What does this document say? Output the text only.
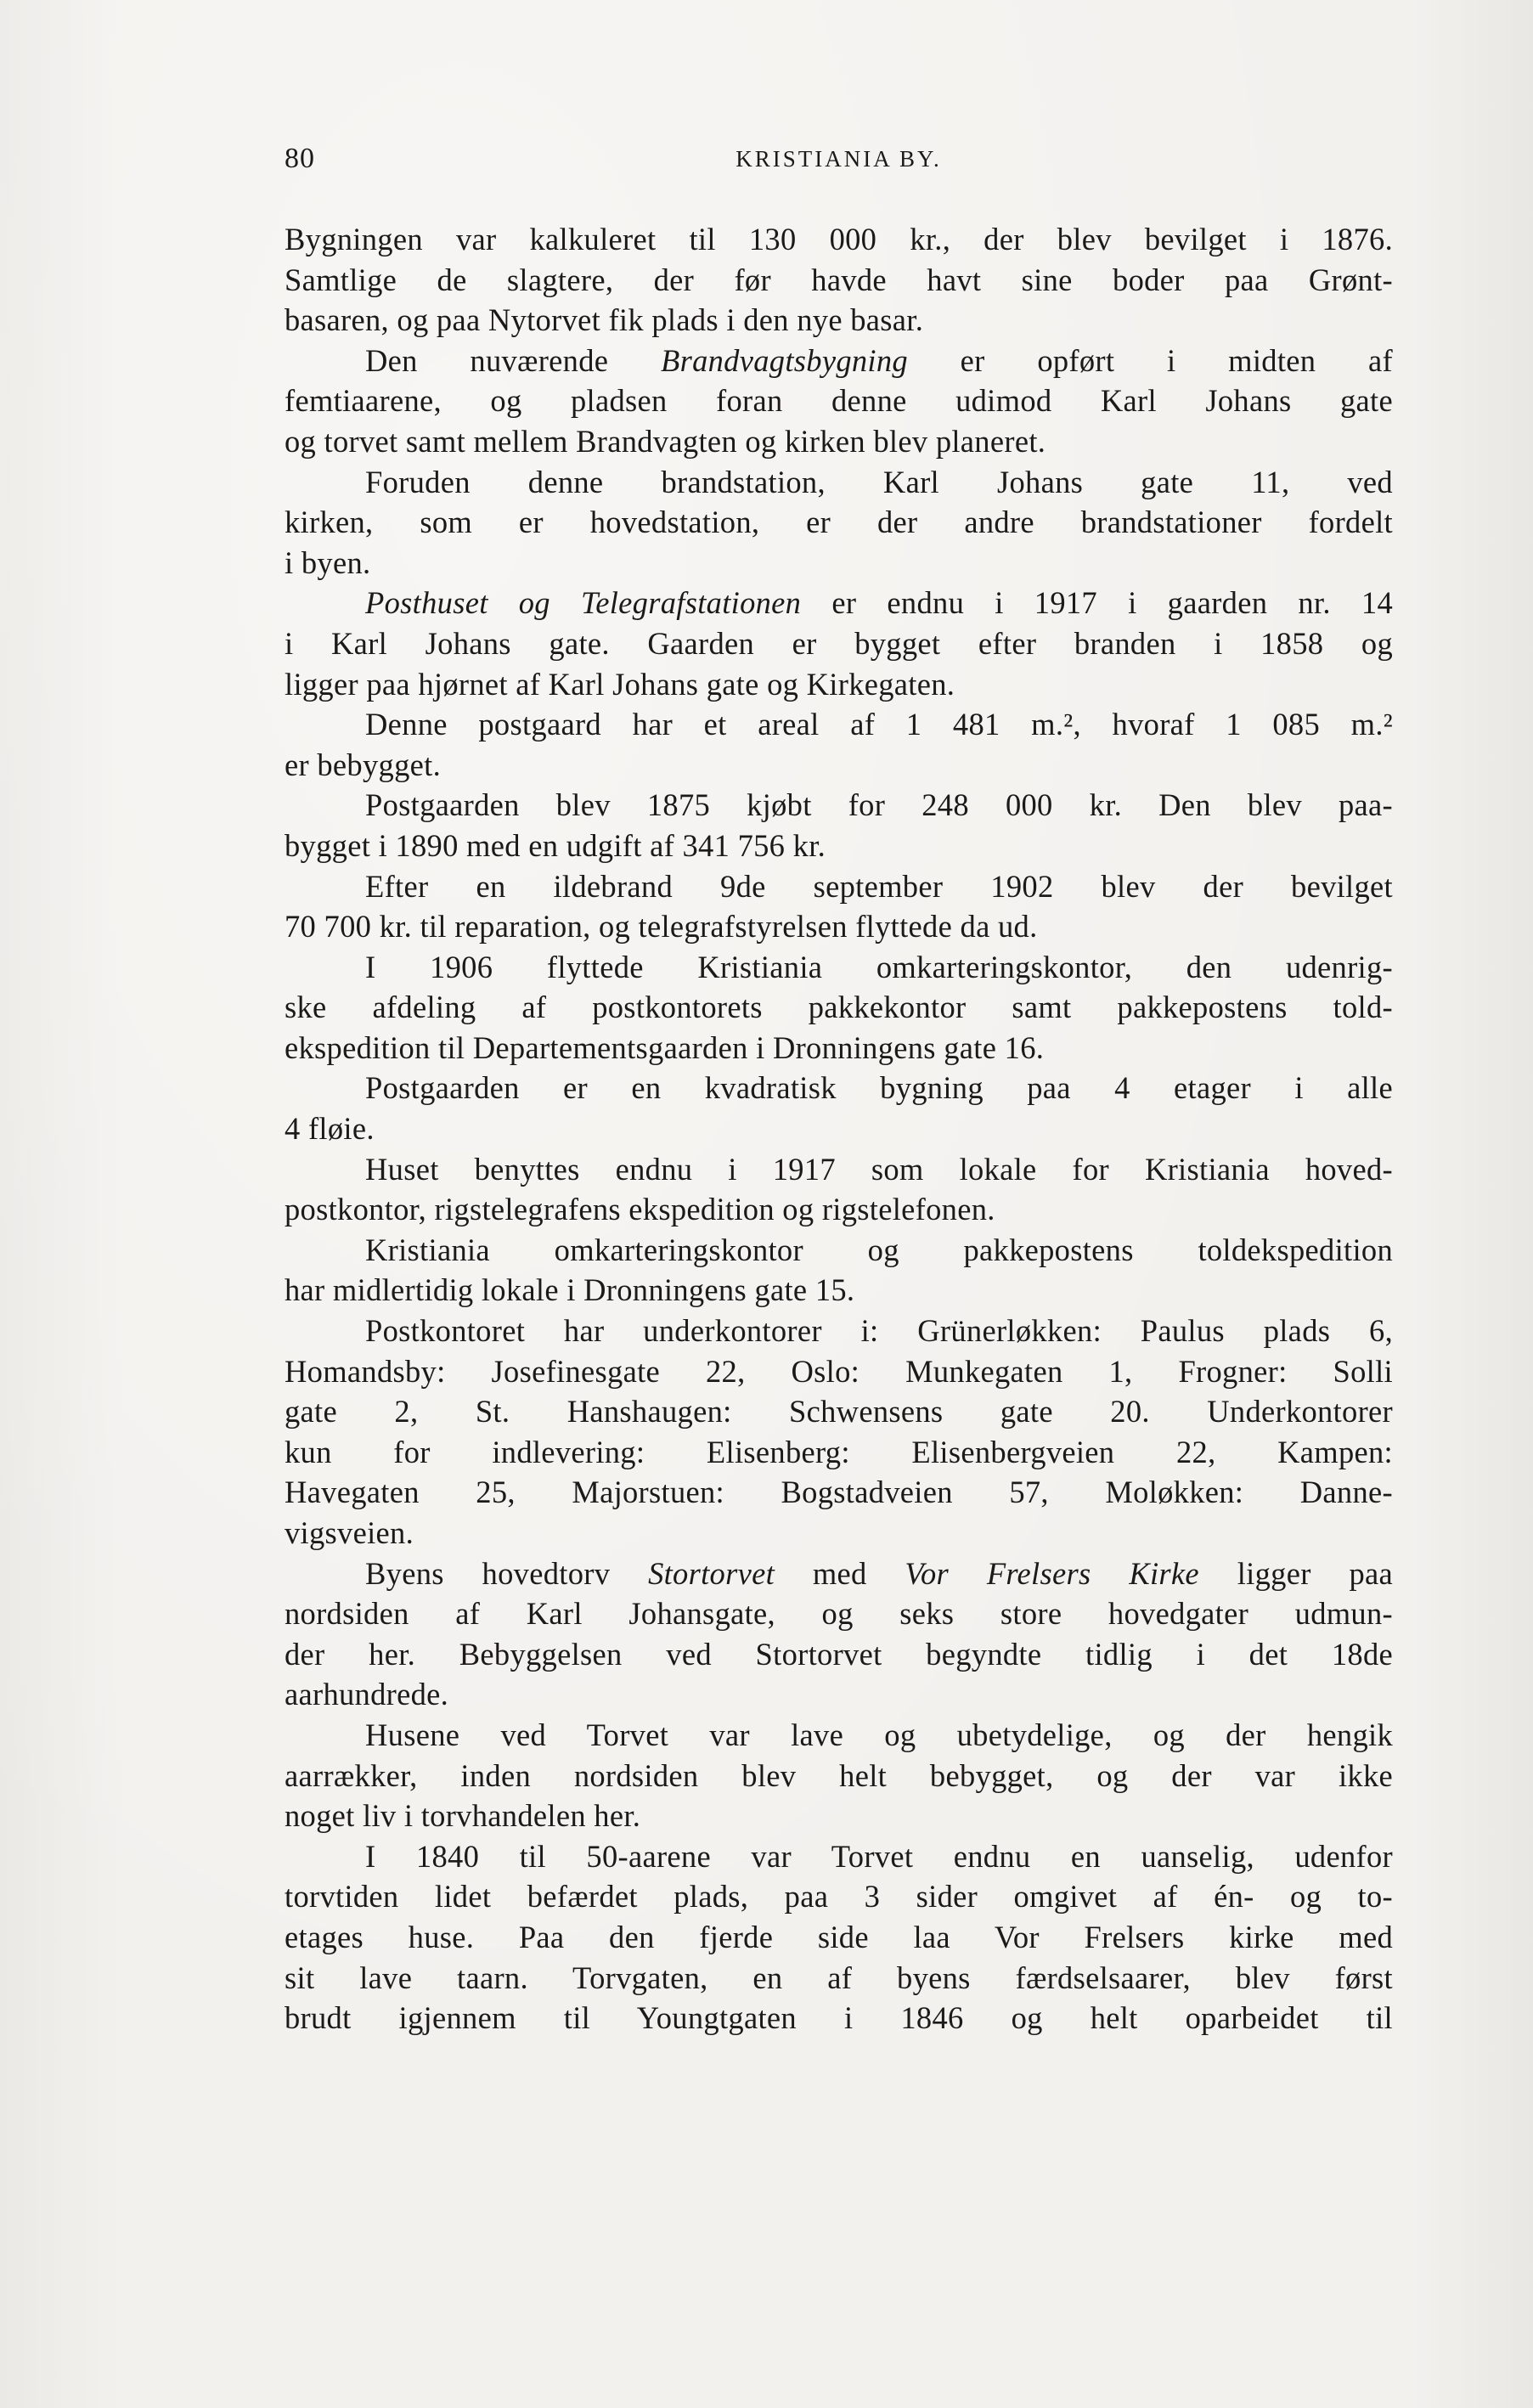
80	KRISTIANIA BY.
Bygningen var kalkuleret til 130 000 kr., der blev bevilget i 1876.
Samtlige de slagtere, der før havde havt sine boder paa Grønt-
basaren, og paa Nytorvet fik plads i den nye basar.
Den nuværende Brandvagtsbygning er opført i midten af
femtiaarene, og pladsen foran denne udimod Karl Johans gate
og torvet samt mellem Brandvagten og kirken blev planeret.
Foruden denne brandstation, Karl Johans gate 11, ved
kirken, som er hovedstation, er der andre brandstationer fordelt
i byen.
Posthuset og Telegrafstationen er endnu i 1917 i gaarden nr. 14
i Karl Johans gate. Gaarden er bygget efter branden i 1858 og
ligger paa hjørnet af Karl Johans gate og Kirkegaten.
Denne postgaard har et areal af 1 481 m.², hvoraf 1 085 m.²
er bebygget.
Postgaarden blev 1875 kjøbt for 248 000 kr. Den blev paa-
bygget i 1890 med en udgift af 341 756 kr.
Efter en ildebrand 9de september 1902 blev der bevilget
70 700 kr. til reparation, og telegrafstyrelsen flyttede da ud.
I 1906 flyttede Kristiania omkarteringskontor, den udenrig-
ske afdeling af postkontorets pakkekontor samt pakkepostens told-
ekspedition til Departementsgaarden i Dronningens gate 16.
Postgaarden er en kvadratisk bygning paa 4 etager i alle
4 fløie.
Huset benyttes endnu i 1917 som lokale for Kristiania hoved-
postkontor, rigstelegrafens ekspedition og rigstelefonen.
Kristiania omkarteringskontor og pakkepostens toldekspedition
har midlertidig lokale i Dronningens gate 15.
Postkontoret har underkontorer i: Grünerløkken: Paulus plads 6,
Homandsby: Josefinesgate 22, Oslo: Munkegaten 1, Frogner: Solli
gate 2, St. Hanshaugen: Schwensens gate 20. Underkontorer
kun for indlevering: Elisenberg: Elisenbergveien 22, Kampen:
Havegaten 25, Majorstuen: Bogstadveien 57, Moløkken: Danne-
vigsveien.
Byens hovedtorv Stortorvet med Vor Frelsers Kirke ligger paa
nordsiden af Karl Johansgate, og seks store hovedgater udmun-
der her. Bebyggelsen ved Stortorvet begyndte tidlig i det 18de
aarhundrede.
Husene ved Torvet var lave og ubetydelige, og der hengik
aarrækker, inden nordsiden blev helt bebygget, og der var ikke
noget liv i torvhandelen her.
I 1840 til 50-aarene var Torvet endnu en uanselig, udenfor
torvtiden lidet befærdet plads, paa 3 sider omgivet af én- og to-
etages huse. Paa den fjerde side laa Vor Frelsers kirke med
sit lave taarn. Torvgaten, en af byens færdselsaarer, blev først
brudt igjennem til Youngtgaten i 1846 og helt oparbeidet til
